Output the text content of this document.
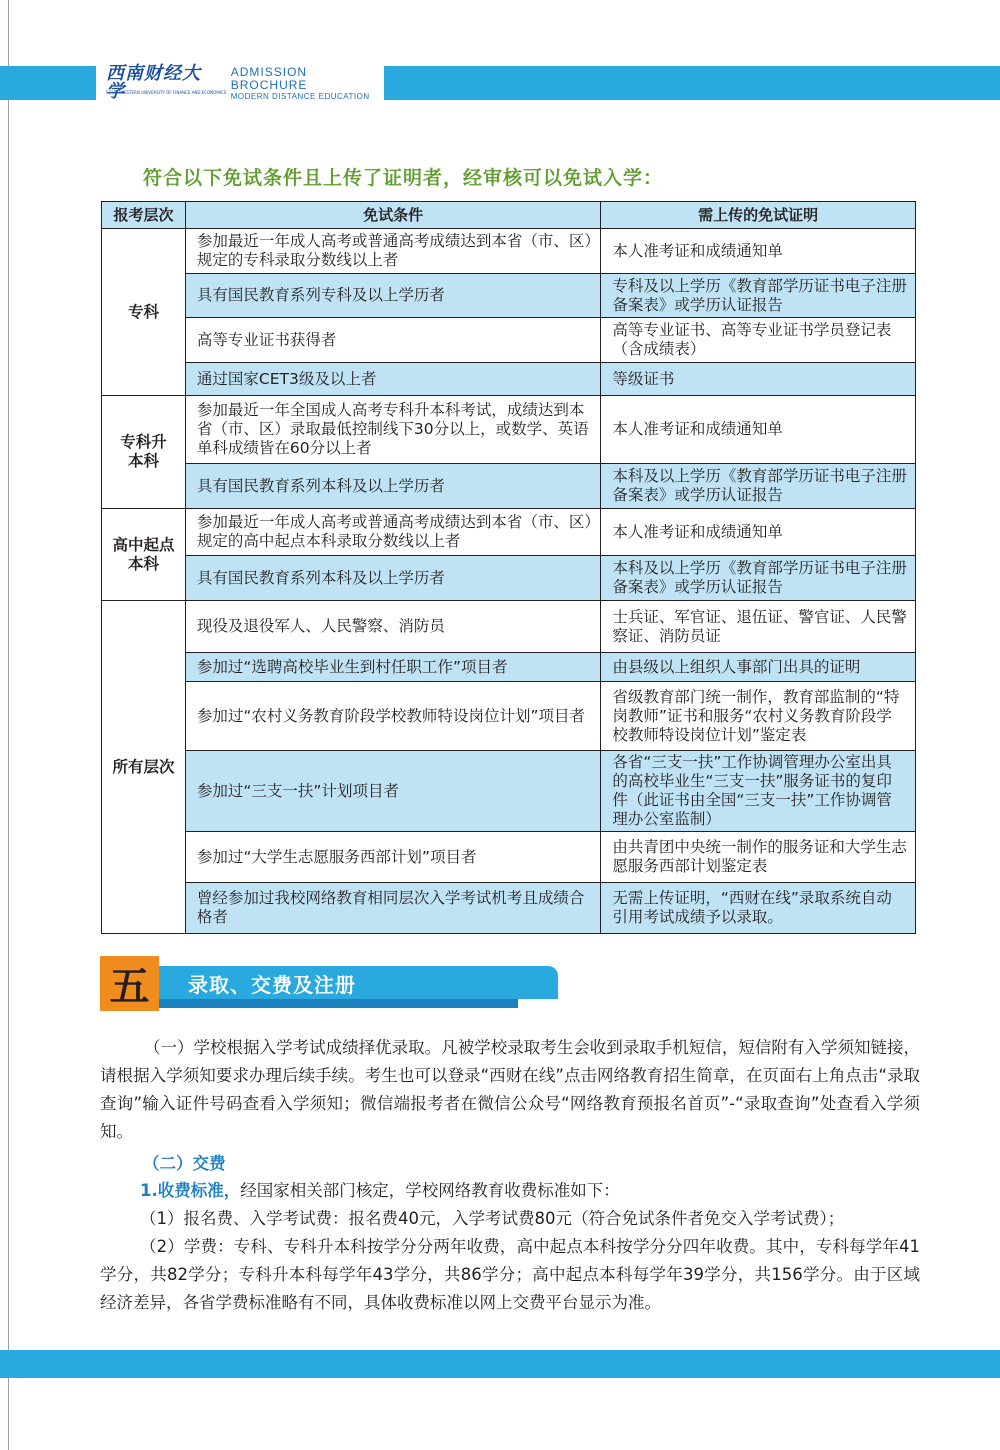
西南财经大学
SOUTHWESTERN UNIVERSITY OF FINANCE AND ECONOMICS
ADMISSION BROCHURE
MODERN DISTANCE EDUCATION
符合以下免试条件且上传了证明者，经审核可以免试入学：
报考层次	免试条件	需上传的免试证明
专科	参加最近一年成人高考或普通高考成绩达到本省（市、区）规定的专科录取分数线以上者	本人准考证和成绩通知单
	具有国民教育系列专科及以上学历者	专科及以上学历《教育部学历证书电子注册备案表》或学历认证报告
	高等专业证书获得者	高等专业证书、高等专业证书学员登记表（含成绩表）
	通过国家CET3级及以上者	等级证书
专科升
本科	参加最近一年全国成人高考专科升本科考试，成绩达到本省（市、区）录取最低控制线下30分以上，或数学、英语单科成绩皆在60分以上者	本人准考证和成绩通知单
	具有国民教育系列本科及以上学历者	本科及以上学历《教育部学历证书电子注册备案表》或学历认证报告
高中起点
本科	参加最近一年成人高考或普通高考成绩达到本省（市、区）规定的高中起点本科录取分数线以上者	本人准考证和成绩通知单
	具有国民教育系列本科及以上学历者	本科及以上学历《教育部学历证书电子注册备案表》或学历认证报告
所有层次	现役及退役军人、人民警察、消防员	士兵证、军官证、退伍证、警官证、人民警察证、消防员证
	参加过“选聘高校毕业生到村任职工作”项目者	由县级以上组织人事部门出具的证明
	参加过“农村义务教育阶段学校教师特设岗位计划”项目者	省级教育部门统一制作，教育部监制的“特岗教师”证书和服务“农村义务教育阶段学校教师特设岗位计划”鉴定表
	参加过“三支一扶”计划项目者	各省“三支一扶”工作协调管理办公室出具的高校毕业生“三支一扶”服务证书的复印件（此证书由全国“三支一扶”工作协调管理办公室监制）
	参加过“大学生志愿服务西部计划”项目者	由共青团中央统一制作的服务证和大学生志愿服务西部计划鉴定表
	曾经参加过我校网络教育相同层次入学考试机考且成绩合格者	无需上传证明，“西财在线”录取系统自动引用考试成绩予以录取。
五	录取、交费及注册
（一）学校根据入学考试成绩择优录取。凡被学校录取考生会收到录取手机短信，短信附有入学须知链接，请根据入学须知要求办理后续手续。考生也可以登录“西财在线”点击网络教育招生简章，在页面右上角点击“录取查询”输入证件号码查看入学须知；微信端报考者在微信公众号“网络教育预报名首页”-“录取查询”处查看入学须知。
（二）交费
1.收费标准，经国家相关部门核定，学校网络教育收费标准如下：
（1）报名费、入学考试费：报名费40元，入学考试费80元（符合免试条件者免交入学考试费）；
（2）学费：专科、专科升本科按学分分两年收费，高中起点本科按学分分四年收费。其中，专科每学年41学分，共82学分；专科升本科每学年43学分，共86学分；高中起点本科每学年39学分，共156学分。由于区域经济差异，各省学费标准略有不同，具体收费标准以网上交费平台显示为准。
